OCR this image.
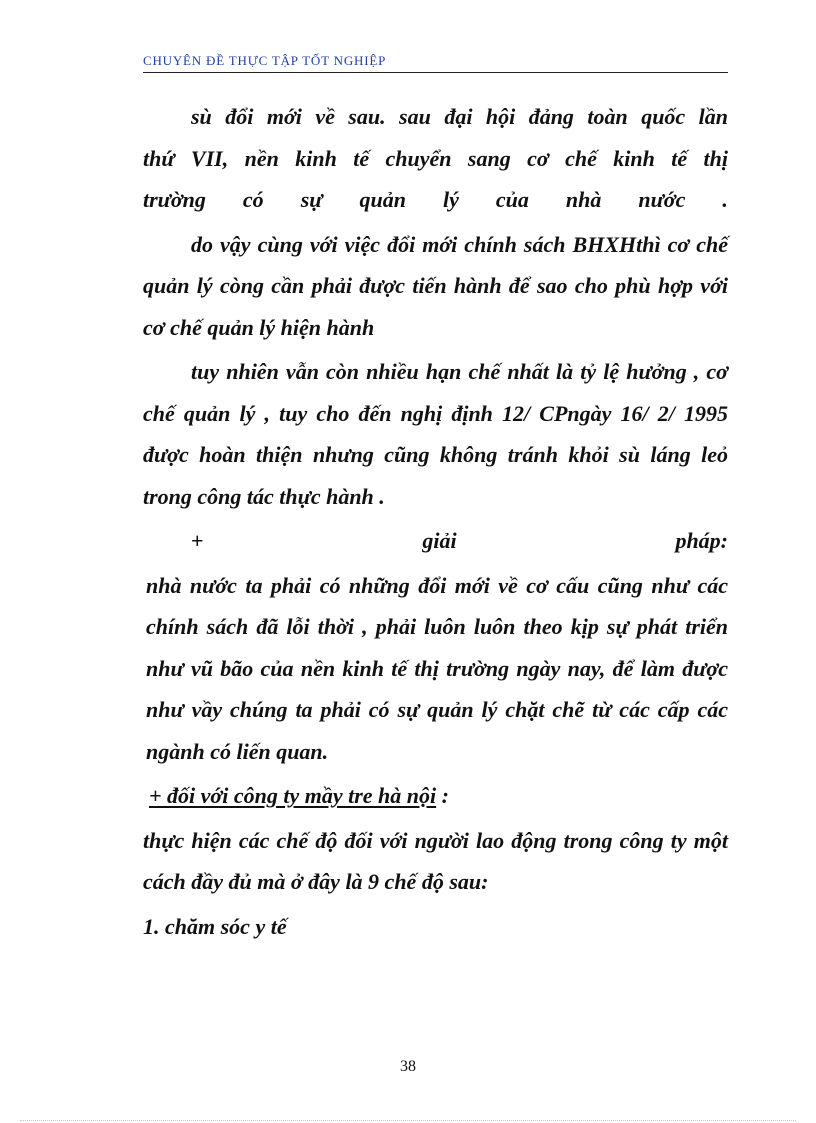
CHUYÊN ĐỀ THỰC TẬP TỐT NGHIỆP

sù đổi mới về sau. sau đại hội đảng toàn quốc lần

thứ VII, nền kinh tế chuyển sang cơ chế kinh tế thị

trường có sự quản lý của nhà nước .

do vậy cùng với việc đổi mới chính sách BHXHthì cơ chế quản lý còng cần phải được tiến hành để sao cho phù hợp với cơ chế quản lý hiện hành

tuy nhiên vẫn còn nhiều hạn chế nhất là tỷ lệ hưởng , cơ chế quản lý , tuy cho đến nghị định 12/ CPngày 16/ 2/ 1995 được hoàn thiện nhưng cũng không tránh khỏi sù láng leỏ trong công tác thực hành .

+	giải	pháp:

nhà nước ta phải có những đổi mới về cơ cấu cũng như các chính sách đã lỗi thời , phải luôn luôn theo kịp sự phát triển như vũ bão của nền kinh tế thị trường ngày nay, để làm được như vầy chúng ta phải có sự quản lý chặt chẽ từ các cấp các ngành có liến quan.

+ đối với công ty mầy tre hà nội :

thực hiện các chế độ đối với người lao động trong công ty một cách đầy đủ mà ở đây là 9 chế độ sau:

1. chăm sóc y tế

38
